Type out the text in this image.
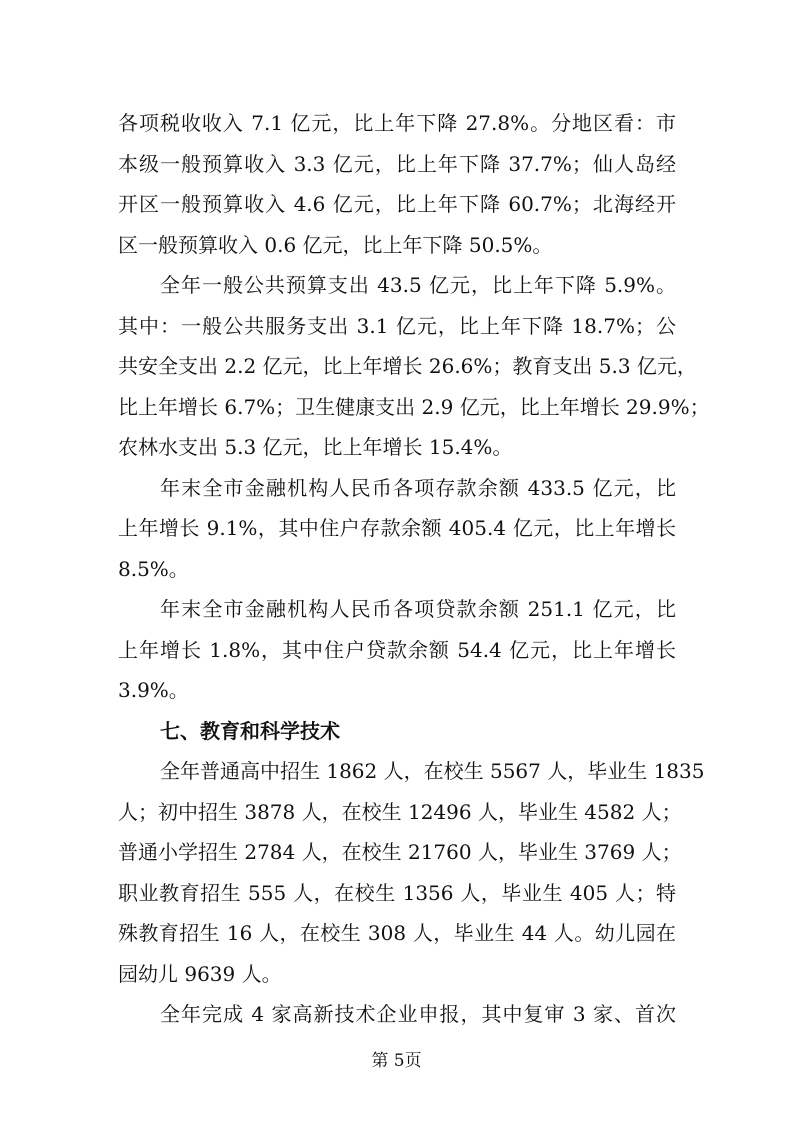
各项税收收入 7.1 亿元，比上年下降 27.8%。分地区看：市
本级一般预算收入 3.3 亿元，比上年下降 37.7%；仙人岛经
开区一般预算收入 4.6 亿元，比上年下降 60.7%；北海经开
区一般预算收入 0.6 亿元，比上年下降 50.5%。
全年一般公共预算支出 43.5 亿元，比上年下降 5.9%。
其中：一般公共服务支出 3.1 亿元，比上年下降 18.7%；公
共安全支出 2.2 亿元，比上年增长 26.6%；教育支出 5.3 亿元，
比上年增长 6.7%；卫生健康支出 2.9 亿元，比上年增长 29.9%；
农林水支出 5.3 亿元，比上年增长 15.4%。
年末全市金融机构人民币各项存款余额 433.5 亿元，比
上年增长 9.1%，其中住户存款余额 405.4 亿元，比上年增长
8.5%。
年末全市金融机构人民币各项贷款余额 251.1 亿元，比
上年增长 1.8%，其中住户贷款余额 54.4 亿元，比上年增长
3.9%。
七、教育和科学技术
全年普通高中招生 1862 人，在校生 5567 人，毕业生 1835
人；初中招生 3878 人，在校生 12496 人，毕业生 4582 人；
普通小学招生 2784 人，在校生 21760 人，毕业生 3769 人；
职业教育招生 555 人，在校生 1356 人，毕业生 405 人；特
殊教育招生 16 人，在校生 308 人，毕业生 44 人。幼儿园在
园幼儿 9639 人。
全年完成 4 家高新技术企业申报，其中复审 3 家、首次
第 5页
